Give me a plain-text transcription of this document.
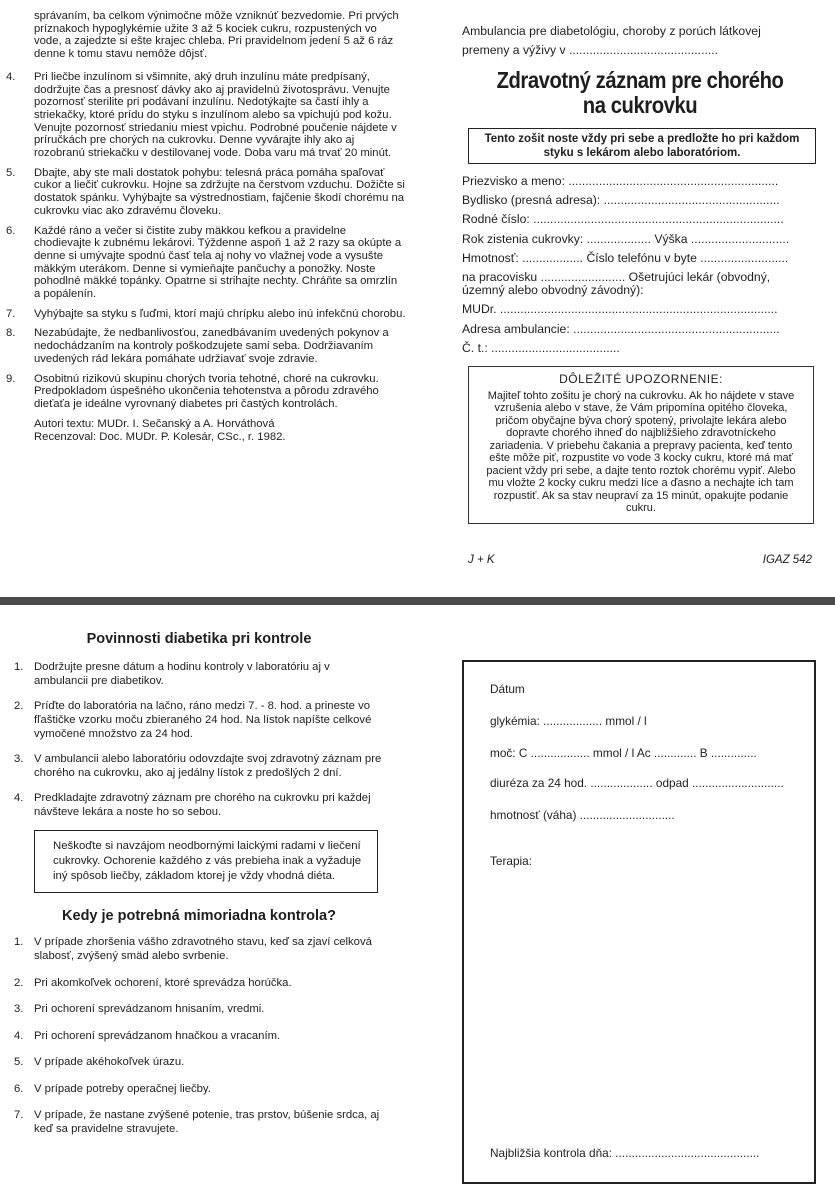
správaním, ba celkom výnimočne môže vzniknúť bezvedomie. Pri prvých príznakoch hypoglykémie užite 3 až 5 kociek cukru, rozpustených vo vode, a zajedzte si ešte krajec chleba. Pri pravidelnom jedení 5 až 6 ráz denne k tomu stavu nemôže dôjsť.
4.	Pri liečbe inzulínom si všimnite, aký druh inzulínu máte predpísaný, dodržujte čas a presnosť dávky ako aj pravidelnú životosprávu. Venujte pozornosť sterilite pri podávaní inzulínu. Nedotýkajte sa častí ihly a striekačky, ktoré prídu do styku s inzulínom alebo sa vpichujú pod kožu. Venujte pozornosť striedaniu miest vpichu. Podrobné poučenie nájdete v príručkách pre chorých na cukrovku. Denne vyvárajte ihly ako aj rozobranú striekačku v destilovanej vode. Doba varu má trvať 20 minút.
5.	Dbajte, aby ste mali dostatok pohybu: telesná práca pomáha spaľovať cukor a liečiť cukrovku. Hojne sa zdržujte na čerstvom vzduchu. Dožičte si dostatok spánku. Vyhýbajte sa výstrednostiam, fajčenie škodí chorému na cukrovku viac ako zdravému človeku.
6.	Každé ráno a večer si čistite zuby mäkkou kefkou a pravidelne chodievajte k zubnému lekárovi. Týždenne aspoň 1 až 2 razy sa okúpte a denne si umývajte spodnú časť tela aj nohy vo vlažnej vode a vysušte mäkkým uterákom. Denne si vymieňajte pančuchy a ponožky. Noste pohodlné mäkké topánky. Opatrne si strihajte nechty. Chráňte sa omrzlín a popálenín.
7.	Vyhýbajte sa styku s ľuďmi, ktorí majú chrípku alebo inú infekčnú chorobu.
8.	Nezabúdajte, že nedbanlivosťou, zanedbávaním uvedených pokynov a nedochádzaním na kontroly poškodzujete sami seba. Dodržiavaním uvedených rád lekára pomáhate udržiavať svoje zdravie.
9.	Osobitnú rizikovú skupinu chorých tvoria tehotné, choré na cukrovku. Predpokladom úspešného ukončenia tehotenstva a pôrodu zdravého dieťaťa je ideálne vyrovnaný diabetes pri častých kontrolách.
Autori textu: MUDr. I. Sečanský a A. Horváthová
Recenzoval: Doc. MUDr. P. Kolesár, CSc., r. 1982.
Ambulancia pre diabetológiu, choroby z porúch látkovej
premeny a výživy v ............................................
Zdravotný záznam pre chorého
na cukrovku
Tento zošit noste vždy pri sebe a predložte ho pri každom styku s lekárom alebo laboratóriom.
Priezvisko a meno: ..............................................................
Bydlisko (presná adresa): ....................................................
Rodné číslo: ..........................................................................
Rok zistenia cukrovky: ................... Výška .............................
Hmotnosť: .................. Číslo telefónu v byte ..........................
na pracovisku ......................... Ošetrujúci lekár (obvodný,
územný alebo obvodný závodný):
MUDr. ..................................................................................
Adresa ambulancie: .............................................................
Č. t.: ......................................
DÔLEŽITÉ UPOZORNENIE:
Majiteľ tohto zošitu je chorý na cukrovku. Ak ho nájdete v stave vzrušenia alebo v stave, že Vám pripomína opitého človeka, pričom obyčajne býva chorý spotený, privolajte lekára alebo dopravte chorého ihneď do najbližšieho zdravotníckeho zariadenia. V priebehu čakania a prepravy pacienta, keď tento ešte môže piť, rozpustite vo vode 3 kocky cukru, ktoré má mať pacient vždy pri sebe, a dajte tento roztok chorému vypiť. Alebo mu vložte 2 kocky cukru medzi líce a ďasno a nechajte ich tam rozpustiť. Ak sa stav neupraví za 15 minút, opakujte podanie cukru.
J + K	IGAZ 542
Povinnosti diabetika pri kontrole
1. Dodržujte presne dátum a hodinu kontroly v laboratóriu aj v ambulancii pre diabetikov.
2. Príďte do laboratória na lačno, ráno medzi 7. - 8. hod. a prineste vo fľaštičke vzorku moču zbieraného 24 hod. Na lístok napíšte celkové vymočené množstvo za 24 hod.
3. V ambulancii alebo laboratóriu odovzdajte svoj zdravotný záznam pre chorého na cukrovku, ako aj jedálny lístok z predošlých 2 dní.
4. Predkladajte zdravotný záznam pre chorého na cukrovku pri každej návšteve lekára a noste ho so sebou.
Neškoďte si navzájom neodbornými laickými radami v liečení cukrovky. Ochorenie každého z vás prebieha inak a vyžaduje iný spôsob liečby, základom ktorej je vždy vhodná diéta.
Kedy je potrebná mimoriadna kontrola?
1. V prípade zhoršenia vášho zdravotného stavu, keď sa zjaví celková slabosť, zvýšený smäd alebo svrbenie.
2. Pri akomkoľvek ochorení, ktoré sprevádza horúčka.
3. Pri ochorení sprevádzanom hnisaním, vredmi.
4. Pri ochorení sprevádzanom hnačkou a vracaním.
5. V prípade akéhokoľvek úrazu.
6. V prípade potreby operačnej liečby.
7. V prípade, že nastane zvýšené potenie, tras prstov, búšenie srdca, aj keď sa pravidelne stravujete.
Dátum
glykémia: .................. mmol / l
moč: C .................. mmol / l Ac ............. B ..............
diuréza za 24 hod. ................... odpad ............................
hmotnosť (váha) .............................
Terapia:
Najbližšia kontrola dňa: ............................................
